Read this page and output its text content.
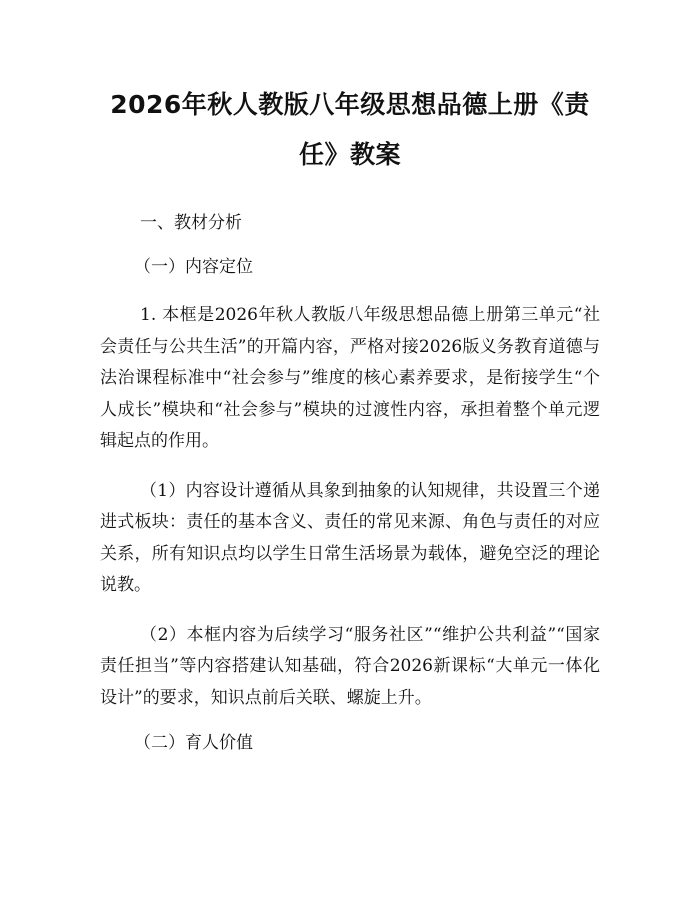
2026年秋人教版八年级思想品德上册《责任》教案

一、教材分析

（一）内容定位

1. 本框是2026年秋人教版八年级思想品德上册第三单元“社会责任与公共生活”的开篇内容，严格对接2026版义务教育道德与法治课程标准中“社会参与”维度的核心素养要求，是衔接学生“个人成长”模块和“社会参与”模块的过渡性内容，承担着整个单元逻辑起点的作用。

（1）内容设计遵循从具象到抽象的认知规律，共设置三个递进式板块：责任的基本含义、责任的常见来源、角色与责任的对应关系，所有知识点均以学生日常生活场景为载体，避免空泛的理论说教。

（2）本框内容为后续学习“服务社区”“维护公共利益”“国家责任担当”等内容搭建认知基础，符合2026新课标“大单元一体化设计”的要求，知识点前后关联、螺旋上升。

（二）育人价值
